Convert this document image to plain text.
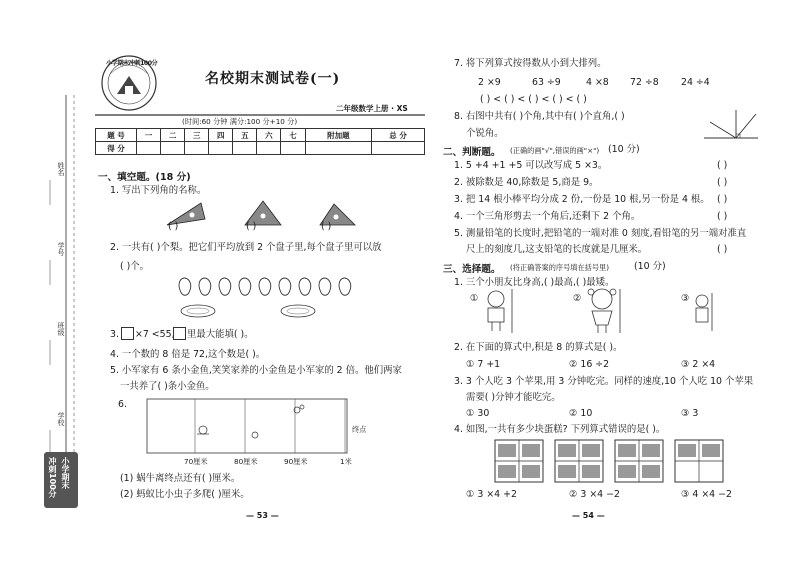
姓名
学号
班级
学校
小学期末
冲刺100分
小学期末冲刺100分
名校期末测试卷(一)
二年级数学上册 · XS
(时间:60 分钟 满分:100 分+10 分)
题 号	一	二	三	四	五	六	七	附加题	总 分
得 分									
一、填空题。(18 分)
1. 写出下列角的名称。
( )	( )	( )
2. 一共有( )个梨。把它们平均放到 2 个盘子里,每个盘子里可以放
( )个。
3. ×7 <55, 里最大能填( )。
4. 一个数的 8 倍是 72,这个数是( )。
5. 小军家有 6 条小金鱼,笑笑家养的小金鱼是小军家的 2 倍。他们两家
一共养了( )条小金鱼。
6.
终点
70厘米	80厘米	90厘米	1米
(1) 蜗牛离终点还有( )厘米。
(2) 蚂蚁比小虫子多爬( )厘米。
— 53 —
7. 将下列算式按得数从小到大排列。
2 ×9	63 ÷9	4 ×8 72 ÷8 24 ÷4
( ) < ( ) < ( ) < ( ) < ( )
8. 右图中共有( )个角,其中有( )个直角,( )
个锐角。
二、判断题。 (正确的画"√",错误的画"×") (10 分)
1. 5 +4 +1 +5 可以改写成 5 ×3。	( )
2. 被除数是 40,除数是 5,商是 9。	( )
3. 把 14 根小棒平均分成 2 份,一份是 10 根,另一份是 4 根。 ( )
4. 一个三角形剪去一个角后,还剩下 2 个角。	( )
5. 测量铅笔的长度时,把铅笔的一端对准 0 刻度,看铅笔的另一端对准直
尺上的刻度几,这支铅笔的长度就是几厘米。	( )
三、选择题。 (将正确答案的序号填在括号里)	(10 分)
1. 三个小朋友比身高,( )最高,( )最矮。
①	②	③
2. 在下面的算式中,积是 8 的算式是( )。
① 7 +1	② 16 ÷2	③ 2 ×4
3. 3 个人吃 3 个苹果,用 3 分钟吃完。同样的速度,10 个人吃 10 个苹果
需要( )分钟才能吃完。
① 30	② 10	③ 3
4. 如图,一共有多少块蛋糕? 下列算式错误的是( )。
① 3 ×4 +2	② 3 ×4 −2	③ 4 ×4 −2
— 54 —
